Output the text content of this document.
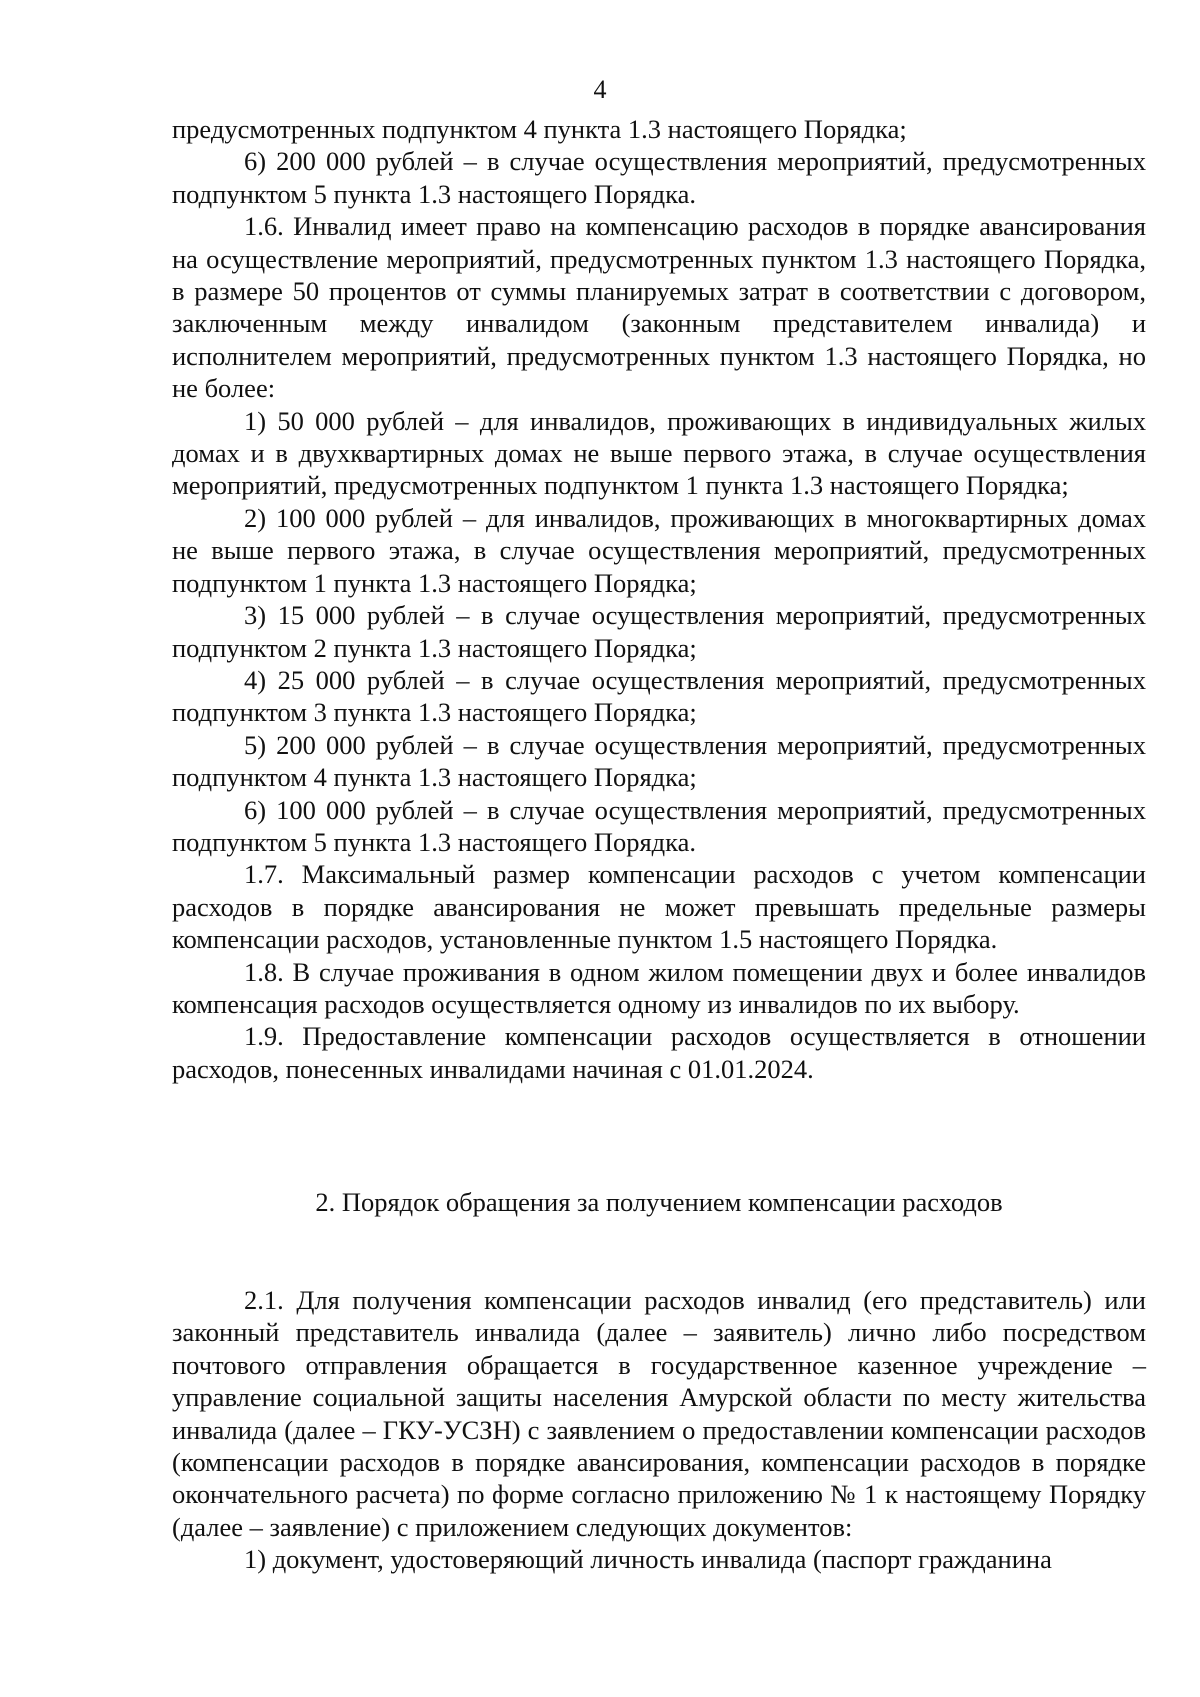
4

предусмотренных подпунктом 4 пункта 1.3 настоящего Порядка;

6) 200 000 рублей – в случае осуществления мероприятий, предусмотренных подпунктом 5 пункта 1.3 настоящего Порядка.

1.6. Инвалид имеет право на компенсацию расходов в порядке авансирования на осуществление мероприятий, предусмотренных пунктом 1.3 настоящего Порядка, в размере 50 процентов от суммы планируемых затрат в соответствии с договором, заключенным между инвалидом (законным представителем инвалида) и исполнителем мероприятий, предусмотренных пунктом 1.3 настоящего Порядка, но не более:

1) 50 000 рублей – для инвалидов, проживающих в индивидуальных жилых домах и в двухквартирных домах не выше первого этажа, в случае осуществления мероприятий, предусмотренных подпунктом 1 пункта 1.3 настоящего Порядка;

2) 100 000 рублей – для инвалидов, проживающих в многоквартирных домах не выше первого этажа, в случае осуществления мероприятий, предусмотренных подпунктом 1 пункта 1.3 настоящего Порядка;

3) 15 000 рублей – в случае осуществления мероприятий, предусмотренных подпунктом 2 пункта 1.3 настоящего Порядка;

4) 25 000 рублей – в случае осуществления мероприятий, предусмотренных подпунктом 3 пункта 1.3 настоящего Порядка;

5) 200 000 рублей – в случае осуществления мероприятий, предусмотренных подпунктом 4 пункта 1.3 настоящего Порядка;

6) 100 000 рублей – в случае осуществления мероприятий, предусмотренных подпунктом 5 пункта 1.3 настоящего Порядка.

1.7. Максимальный размер компенсации расходов с учетом компенсации расходов в порядке авансирования не может превышать предельные размеры компенсации расходов, установленные пунктом 1.5 настоящего Порядка.

1.8. В случае проживания в одном жилом помещении двух и более инвалидов компенсация расходов осуществляется одному из инвалидов по их выбору.

1.9. Предоставление компенсации расходов осуществляется в отношении расходов, понесенных инвалидами начиная с 01.01.2024.

2. Порядок обращения за получением компенсации расходов

2.1. Для получения компенсации расходов инвалид (его представитель) или законный представитель инвалида (далее – заявитель) лично либо посредством почтового отправления обращается в государственное казенное учреждение – управление социальной защиты населения Амурской области по месту жительства инвалида (далее – ГКУ-УСЗН) с заявлением о предоставлении компенсации расходов (компенсации расходов в порядке авансирования, компенсации расходов в порядке окончательного расчета) по форме согласно приложению № 1 к настоящему Порядку (далее – заявление) с приложением следующих документов:

1) документ, удостоверяющий личность инвалида (паспорт гражданина
